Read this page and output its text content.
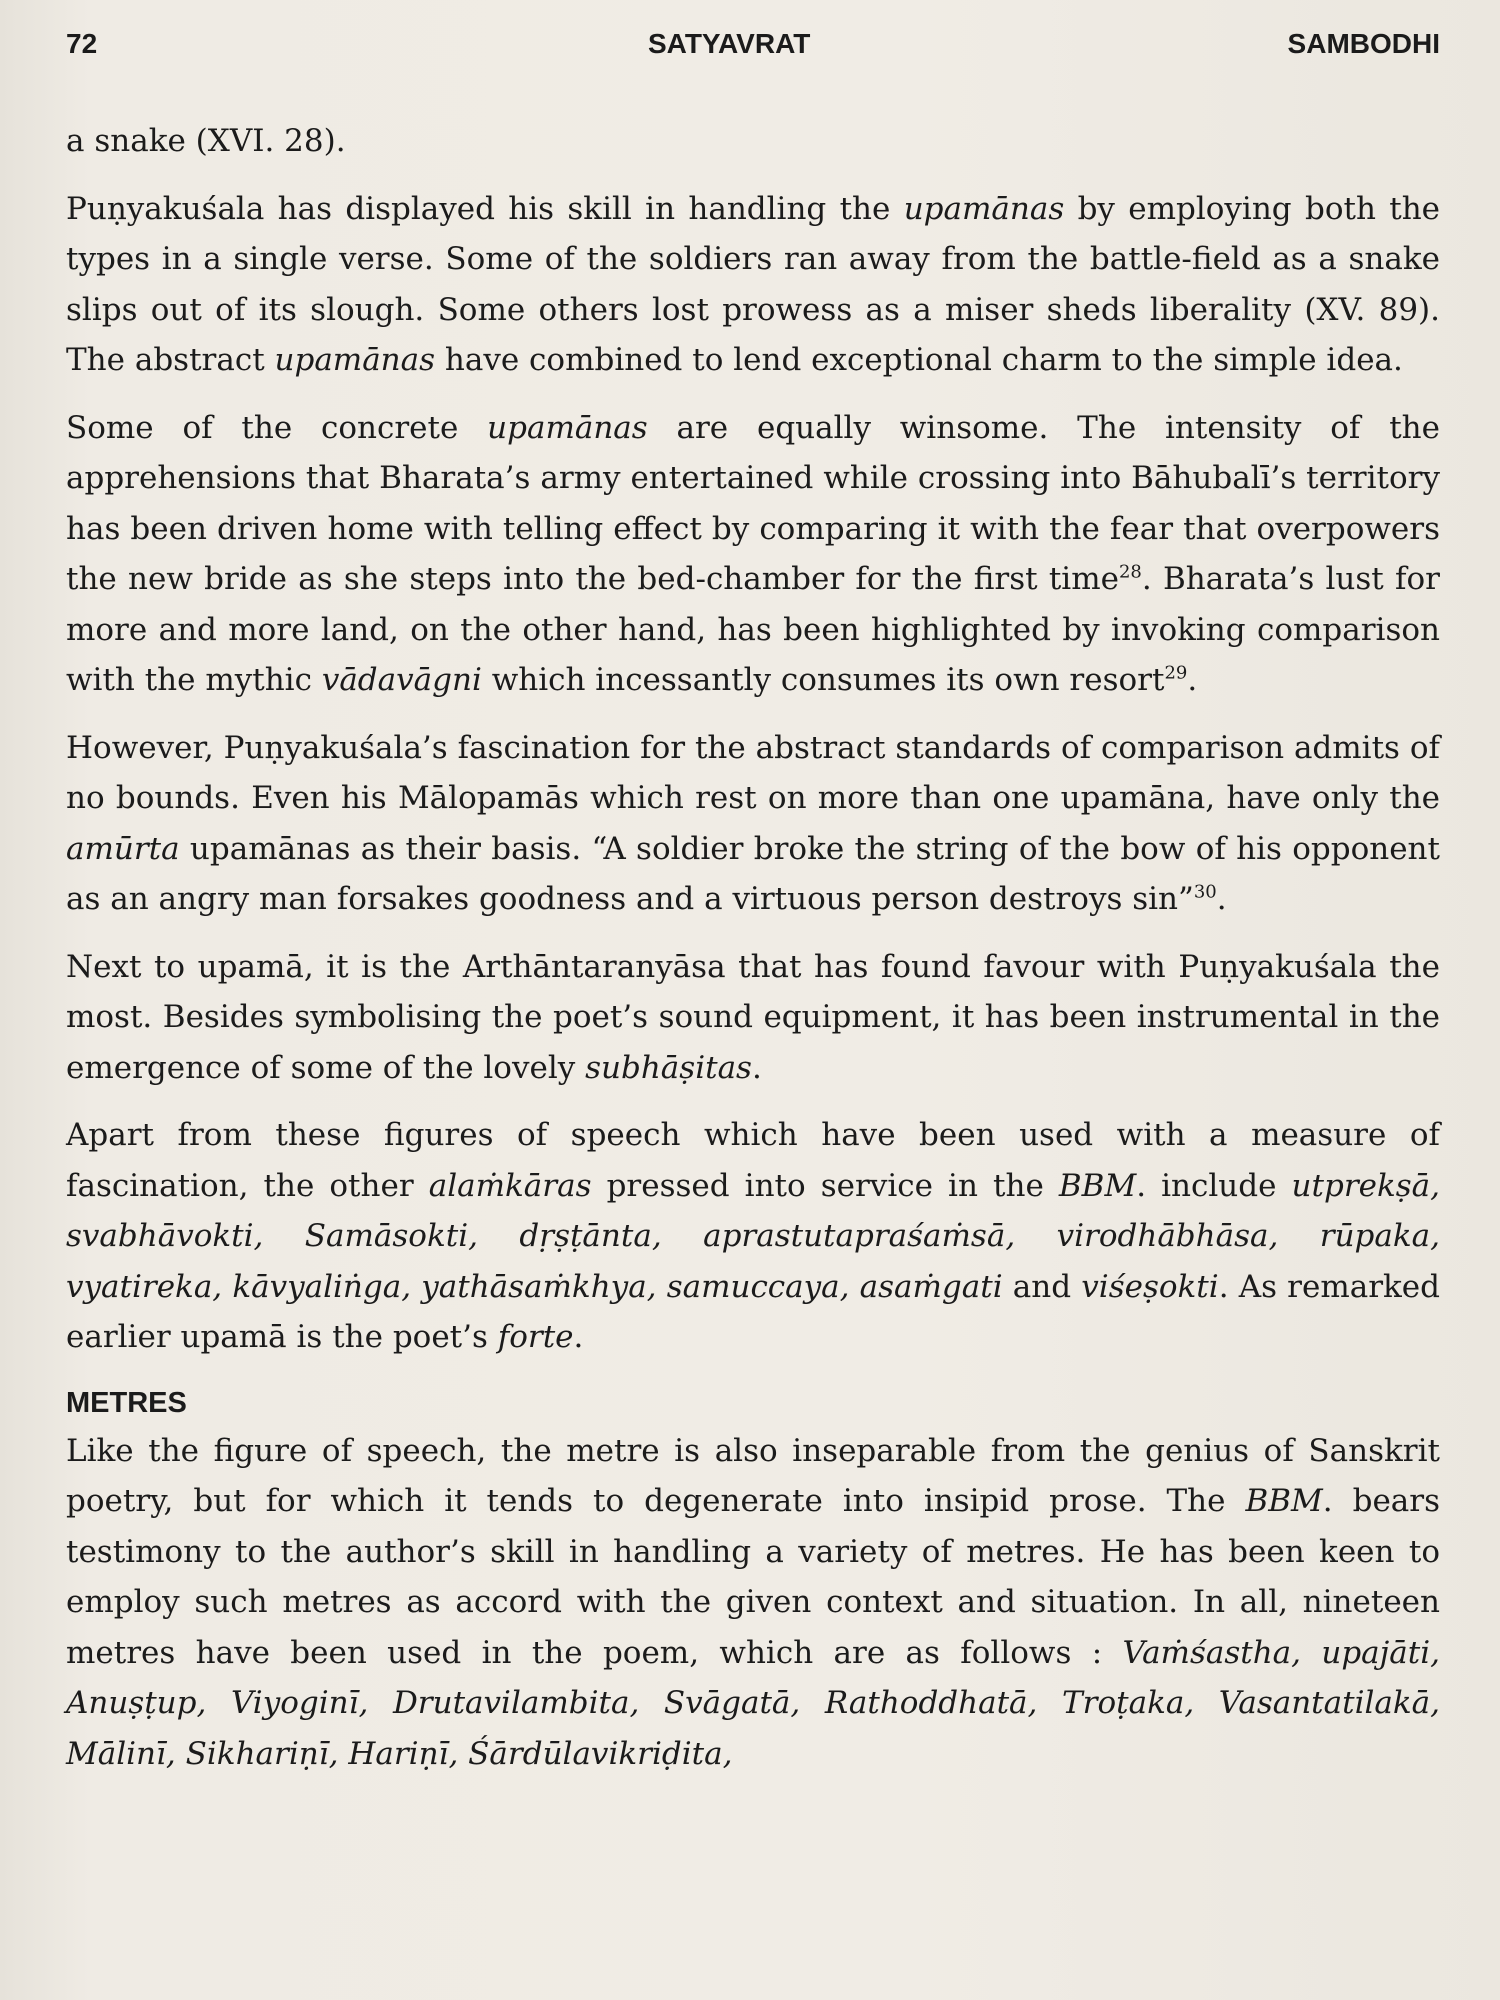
72	SATYAVRAT	SAMBODHI

a snake (XVI. 28).

Puṇyakuśala has displayed his skill in handling the upamānas by employing both the types in a single verse. Some of the soldiers ran away from the battle-field as a snake slips out of its slough. Some others lost prowess as a miser sheds liberality (XV. 89). The abstract upamānas have combined to lend exceptional charm to the simple idea.

Some of the concrete upamānas are equally winsome. The intensity of the apprehensions that Bharata’s army entertained while crossing into Bāhubalī’s territory has been driven home with telling effect by comparing it with the fear that overpowers the new bride as she steps into the bed-chamber for the first time$^{28}$. Bharata’s lust for more and more land, on the other hand, has been highlighted by invoking comparison with the mythic vādavāgni which incessantly consumes its own resort$^{29}$.

However, Puṇyakuśala’s fascination for the abstract standards of comparison admits of no bounds. Even his Mālopamās which rest on more than one upamāna, have only the amūrta upamānas as their basis. “A soldier broke the string of the bow of his opponent as an angry man forsakes goodness and a virtuous person destroys sin”$^{30}$.

Next to upamā, it is the Arthāntaranyāsa that has found favour with Puṇyakuśala the most. Besides symbolising the poet’s sound equipment, it has been instrumental in the emergence of some of the lovely subhāṣitas.

Apart from these figures of speech which have been used with a measure of fascination, the other alaṁkāras pressed into service in the BBM. include utprekṣā, svabhāvokti, Samāsokti, dṛṣṭānta, aprastutapraśaṁsā, virodhābhāsa, rūpaka, vyatireka, kāvyaliṅga, yathāsaṁkhya, samuccaya, asaṁgati and viśeṣokti. As remarked earlier upamā is the poet’s forte.

METRES

Like the figure of speech, the metre is also inseparable from the genius of Sanskrit poetry, but for which it tends to degenerate into insipid prose. The BBM. bears testimony to the author’s skill in handling a variety of metres. He has been keen to employ such metres as accord with the given context and situation. In all, nineteen metres have been used in the poem, which are as follows : Vaṁśastha, upajāti, Anuṣṭup, Viyoginī, Drutavilambita, Svāgatā, Rathoddhatā, Troṭaka, Vasantatilakā, Mālinī, Sikhariṇī, Hariṇī, Śārdūlavikriḍita,
